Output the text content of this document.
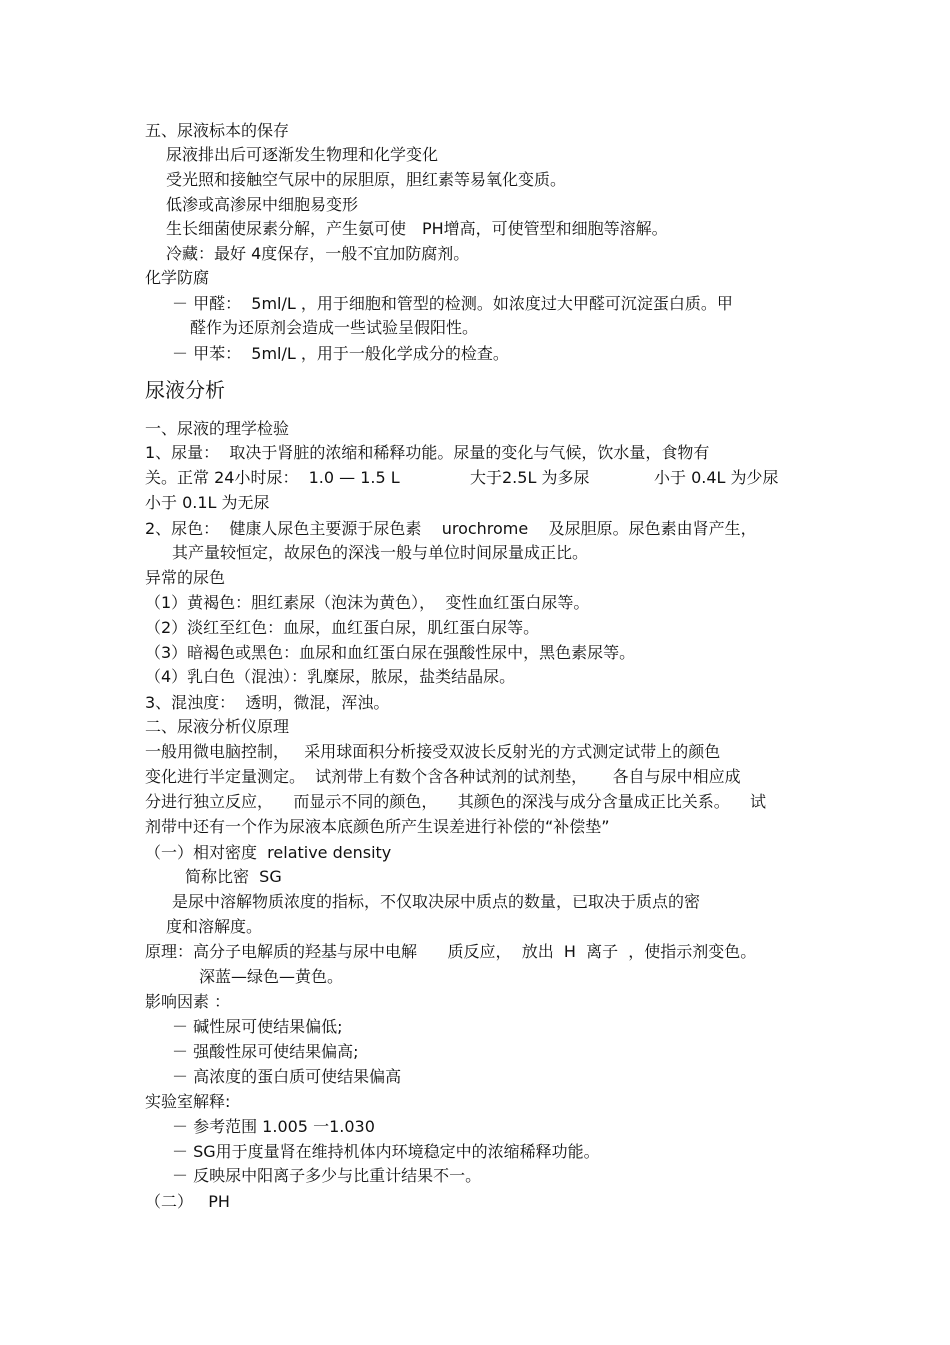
五、尿液标本的保存
尿液排出后可逐渐发生物理和化学变化
受光照和接触空气尿中的尿胆原，胆红素等易氧化变质。
低渗或高渗尿中细胞易变形
生长细菌使尿素分解，产生氨可使　PH增高，可使管型和细胞等溶解。
冷藏：最好 4度保存，一般不宜加防腐剂。
化学防腐
－ 甲醛：  5ml/L ，用于细胞和管型的检测。如浓度过大甲醛可沉淀蛋白质。甲
醛作为还原剂会造成一些试验呈假阳性。
－ 甲苯：  5ml/L ，用于一般化学成分的检查。
尿液分析
一、尿液的理学检验
1、尿量：  取决于肾脏的浓缩和稀释功能。尿量的变化与气候，饮水量，食物有
关。正常 24小时尿：  1.0 — 1.5 L	大于2.5L 为多尿	小于 0.4L 为少尿
小于 0.1L 为无尿
2、尿色：  健康人尿色主要源于尿色素    urochrome    及尿胆原。尿色素由肾产生，
其产量较恒定，故尿色的深浅一般与单位时间尿量成正比。
异常的尿色
（1）黄褐色：胆红素尿（泡沫为黄色），  变性血红蛋白尿等。
（2）淡红至红色：血尿，血红蛋白尿，肌红蛋白尿等。
（3）暗褐色或黑色：血尿和血红蛋白尿在强酸性尿中，黑色素尿等。
（4）乳白色（混浊）：乳糜尿，脓尿，盐类结晶尿。
3、混浊度：  透明，微混，浑浊。
二、尿液分析仪原理
一般用微电脑控制，   采用球面积分析接受双波长反射光的方式测定试带上的颜色
变化进行半定量测定。  试剂带上有数个含各种试剂的试剂垫，     各自与尿中相应成
分进行独立反应，    而显示不同的颜色，    其颜色的深浅与成分含量成正比关系。    试
剂带中还有一个作为尿液本底颜色所产生误差进行补偿的“补偿垫”
（一）相对密度  relative density
简称比密  SG
是尿中溶解物质浓度的指标，不仅取决尿中质点的数量，已取决于质点的密
度和溶解度。
原理：高分子电解质的羟基与尿中电解      质反应，  放出  H  离子  ，使指示剂变色。
深蓝—绿色—黄色。
影响因素 ：
－ 碱性尿可使结果偏低;
－ 强酸性尿可使结果偏高;
－ 高浓度的蛋白质可使结果偏高
实验室解释:
－ 参考范围 1.005 一1.030
－ SG用于度量肾在维持机体内环境稳定中的浓缩稀释功能。
－ 反映尿中阳离子多少与比重计结果不一。
（二）   PH
